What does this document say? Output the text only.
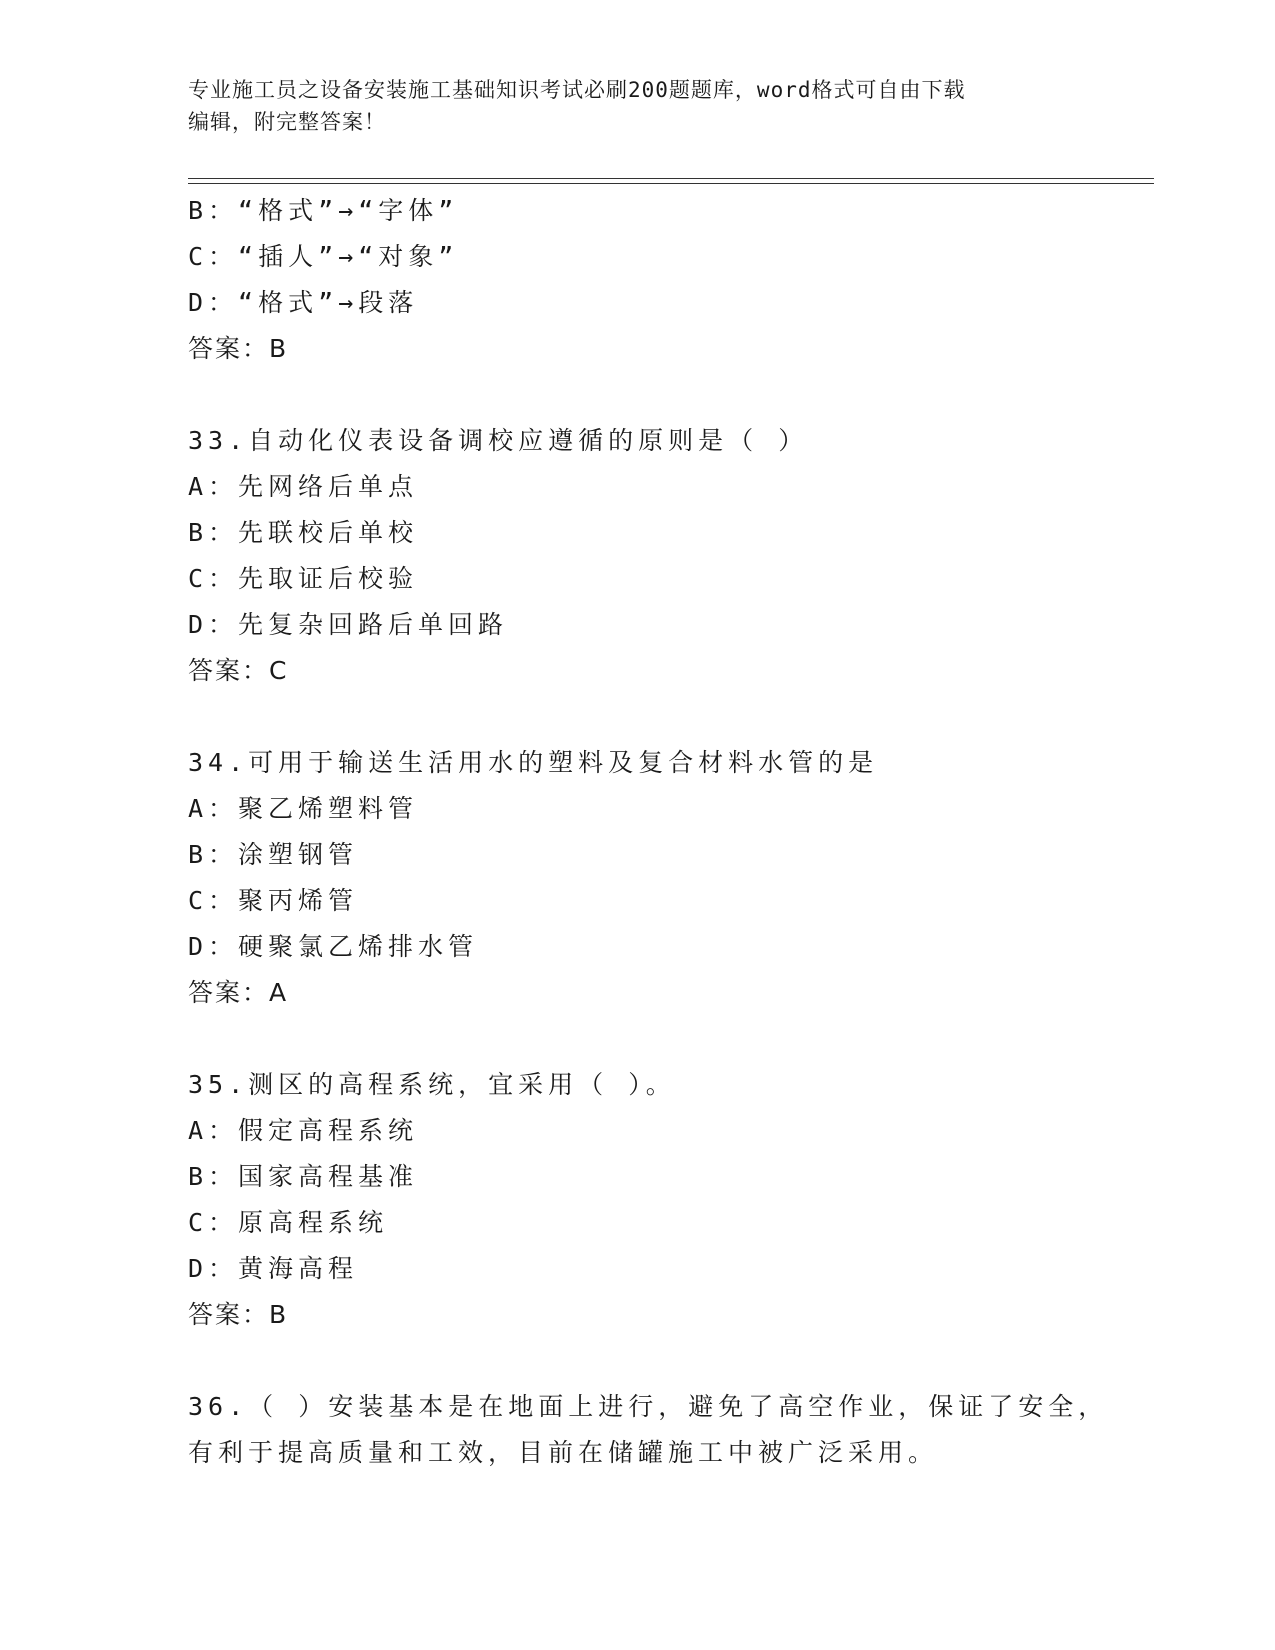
专业施工员之设备安装施工基础知识考试必刷200题题库，word格式可自由下载
编辑，附完整答案！
B：“格式”→“字体”
C：“插人”→“对象”
D：“格式”→段落
答案：B
33.自动化仪表设备调校应遵循的原则是（ ）
A：先网络后单点
B：先联校后单校
C：先取证后校验
D：先复杂回路后单回路
答案：C
34.可用于输送生活用水的塑料及复合材料水管的是
A：聚乙烯塑料管
B：涂塑钢管
C：聚丙烯管
D：硬聚氯乙烯排水管
答案：A
35.测区的高程系统，宜采用（ ）。
A：假定高程系统
B：国家高程基准
C：原高程系统
D：黄海高程
答案：B
36.（ ）安装基本是在地面上进行，避免了高空作业，保证了安全，
有利于提高质量和工效，目前在储罐施工中被广泛采用。
